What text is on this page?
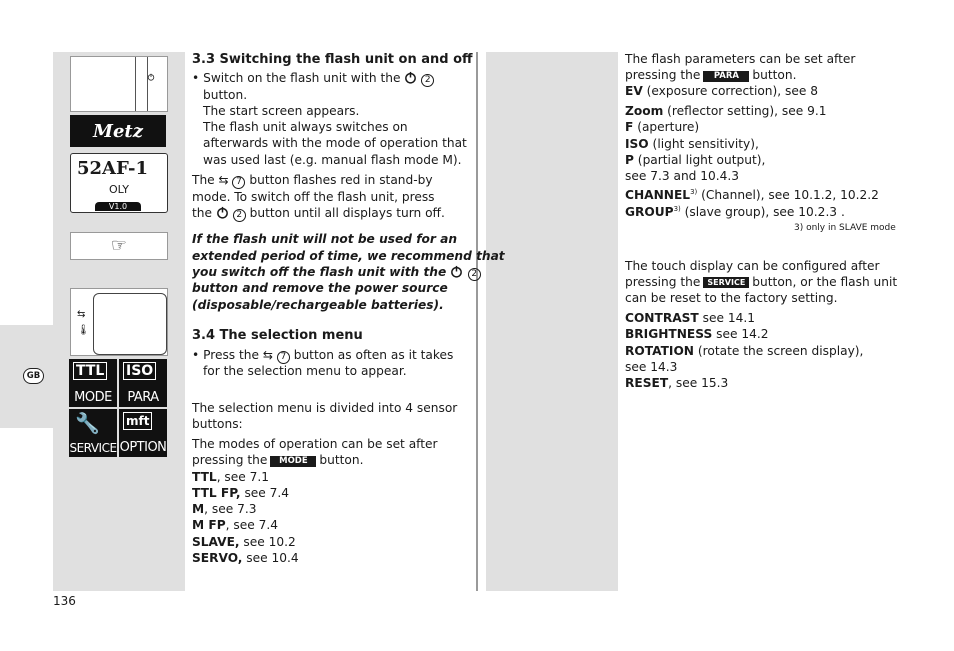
GB
Metz
52AF-1
OLY
V1.0
☞
⇆
🌡
TTL
MODE
ISO
PARA
🔧
SERVICE
mft
OPTION
136
3.3 Switching the flash unit on and off
• Switch on the flash unit with the	2
button.
The start screen appears.
The flash unit always switches on
afterwards with the mode of operation that
was used last (e.g. manual flash mode M).
The ⇆ 7 button flashes red in stand-by
mode. To switch off the flash unit, press
the	2 button until all displays turn off.
If the flash unit will not be used for an
extended period of time, we recommend that
you switch off the flash unit with the	2
button and remove the power source
(disposable/rechargeable batteries).
3.4 The selection menu
• Press the ⇆ 7 button as often as it takes
for the selection menu to appear.
The selection menu is divided into 4 sensor
buttons:
The modes of operation can be set after
pressing the MODE button.
TTL, see 7.1
TTL FP, see 7.4
M, see 7.3
M FP, see 7.4
SLAVE, see 10.2
SERVO, see 10.4
The flash parameters can be set after
pressing the PARA button.
EV (exposure correction), see 8
Zoom (reflector setting), see 9.1
F (aperture)
ISO (light sensitivity),
P (partial light output),
see 7.3 and 10.4.3
CHANNEL$^{3)}$ (Channel), see 10.1.2, 10.2.2
GROUP$^{3)}$ (slave group), see 10.2.3 .
3) only in SLAVE mode
The touch display can be configured after
pressing the SERVICE button, or the flash unit
can be reset to the factory setting.
CONTRAST see 14.1
BRIGHTNESS see 14.2
ROTATION (rotate the screen display),
see 14.3
RESET, see 15.3
